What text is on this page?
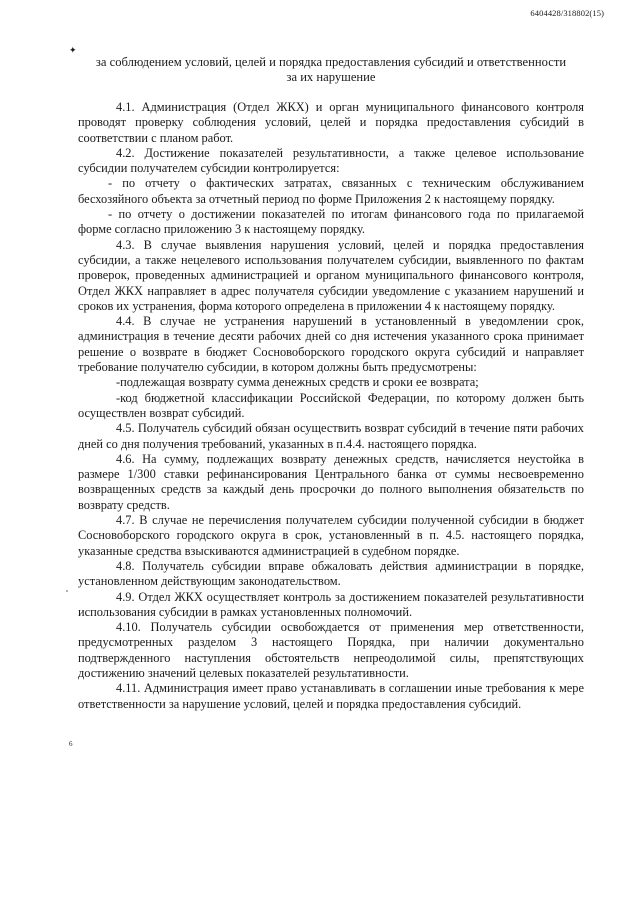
6404428/318802(15)
✦
за соблюдением условий, целей и порядка предоставления субсидий и ответственности
за их нарушение

4.1. Администрация (Отдел ЖКХ) и орган муниципального финансового контроля проводят проверку соблюдения условий, целей и порядка предоставления субсидий в соответствии с планом работ.

4.2. Достижение показателей результативности, а также целевое использование субсидии получателем субсидии контролируется:

- по отчету о фактических затратах, связанных с техническим обслуживанием бесхозяйного объекта за отчетный период по форме Приложения 2 к настоящему порядку.

- по отчету о достижении показателей по итогам финансового года по прилагаемой форме согласно приложению 3 к настоящему порядку.

4.3. В случае выявления нарушения условий, целей и порядка предоставления субсидии, а также нецелевого использования получателем субсидии, выявленного по фактам проверок, проведенных администрацией и органом муниципального финансового контроля, Отдел ЖКХ направляет в адрес получателя субсидии уведомление с указанием нарушений и сроков их устранения, форма которого определена в приложении 4 к настоящему порядку.

4.4. В случае не устранения нарушений в установленный в уведомлении срок, администрация в течение десяти рабочих дней со дня истечения указанного срока принимает решение о возврате в бюджет Сосновоборского городского округа субсидий и направляет требование получателю субсидии, в котором должны быть предусмотрены:

-подлежащая возврату сумма денежных средств и сроки ее возврата;

-код бюджетной классификации Российской Федерации, по которому должен быть осуществлен возврат субсидий.

4.5. Получатель субсидий обязан осуществить возврат субсидий в течение пяти рабочих дней со дня получения требований, указанных в п.4.4. настоящего порядка.

4.6. На сумму, подлежащих возврату денежных средств, начисляется неустойка в размере 1/300 ставки рефинансирования Центрального банка от суммы несвоевременно возвращенных средств за каждый день просрочки до полного выполнения обязательств по возврату средств.

4.7. В случае не перечисления получателем субсидии полученной субсидии в бюджет Сосновоборского городского округа в срок, установленный в п. 4.5. настоящего порядка, указанные средства взыскиваются администрацией в судебном порядке.

4.8. Получатель субсидии вправе обжаловать действия администрации в порядке, установленном действующим законодательством.

4.9. Отдел ЖКХ осуществляет контроль за достижением показателей результативности использования субсидии в рамках установленных полномочий.

4.10. Получатель субсидии освобождается от применения мер ответственности, предусмотренных разделом 3 настоящего Порядка, при наличии документально подтвержденного наступления обстоятельств непреодолимой силы, препятствующих достижению значений целевых показателей результативности.

4.11. Администрация имеет право устанавливать в соглашении иные требования к мере ответственности за нарушение условий, целей и порядка предоставления субсидий.

6
